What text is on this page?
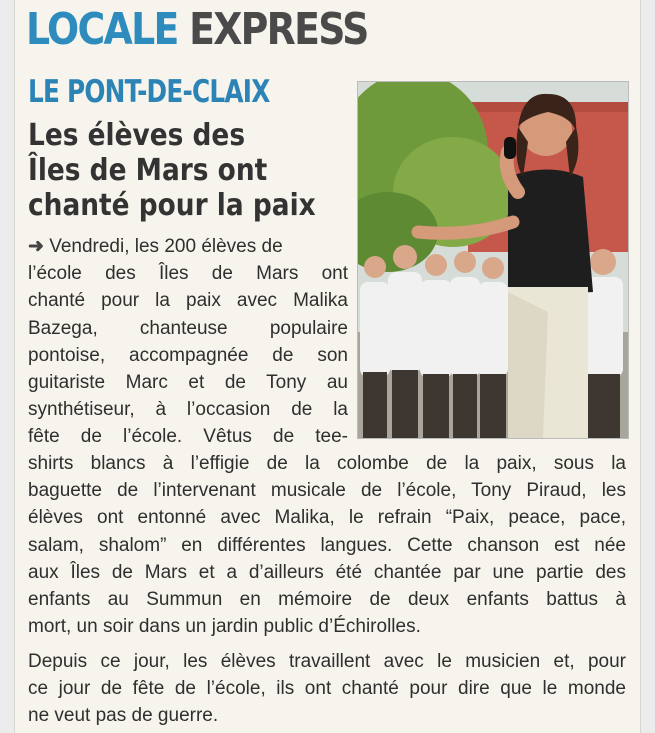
LOCALE EXPRESS
LE PONT-DE-CLAIX
Les élèves des
Îles de Mars ont
chanté pour la paix
➜ Vendredi, les 200 élèves de
l’école des Îles de Mars ont
chanté pour la paix avec Malika
Bazega, chanteuse populaire
pontoise, accompagnée de son
guitariste Marc et de Tony au
synthétiseur, à l’occasion de la
fête de l’école. Vêtus de tee-
shirts blancs à l’effigie de la colombe de la paix, sous la
baguette de l’intervenant musicale de l’école, Tony Piraud, les
élèves ont entonné avec Malika, le refrain “Paix, peace, pace,
salam, shalom” en différentes langues. Cette chanson est née
aux Îles de Mars et a d’ailleurs été chantée par une partie des
enfants au Summun en mémoire de deux enfants battus à
mort, un soir dans un jardin public d’Échirolles.
Depuis ce jour, les élèves travaillent avec le musicien et, pour
ce jour de fête de l’école, ils ont chanté pour dire que le monde
ne veut pas de guerre.
